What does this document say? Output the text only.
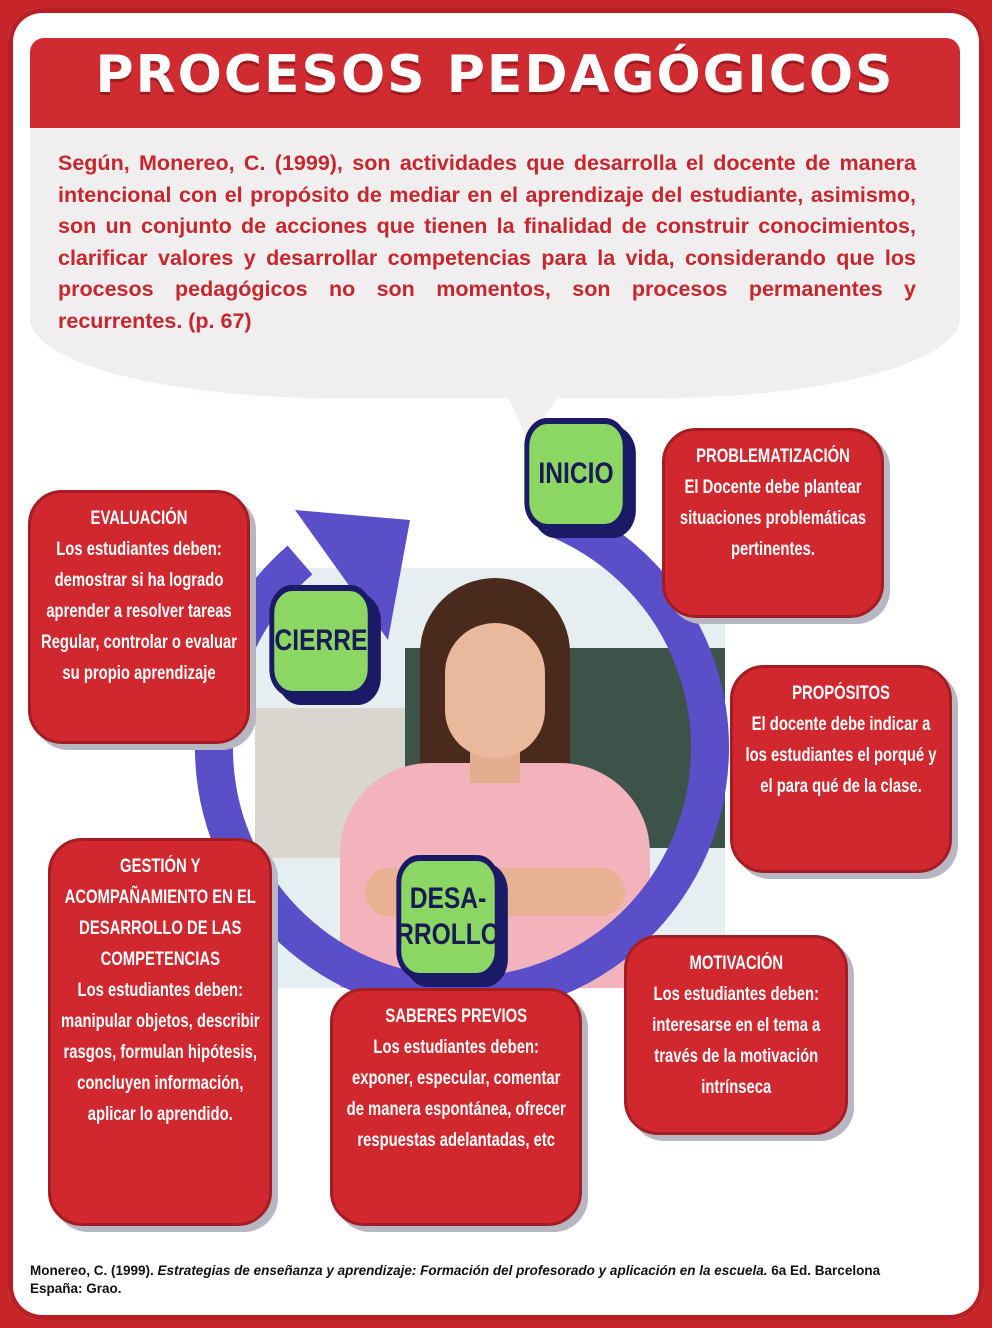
PROCESOS PEDAGÓGICOS
Según, Monereo, C. (1999), son actividades que desarrolla el docente de manera intencional con el propósito de mediar en el aprendizaje del estudiante, asimismo, son un conjunto de acciones que tienen la finalidad de construir conocimientos, clarificar valores y desarrollar competencias para la vida, considerando que los procesos pedagógicos no son momentos, son procesos permanentes y recurrentes. (p. 67)
INICIO
CIERRE
DESA-
RROLLO
PROBLEMATIZACIÓN
El Docente debe plantear situaciones problemáticas pertinentes.
PROPÓSITOS
El docente debe indicar a los estudiantes el porqué y el para qué de la clase.
MOTIVACIÓN
Los estudiantes deben: interesarse en el tema a través de la motivación intrínseca
SABERES PREVIOS
Los estudiantes deben: exponer, especular, comentar de manera espontánea, ofrecer respuestas adelantadas, etc
GESTIÓN Y ACOMPAÑAMIENTO EN EL DESARROLLO DE LAS COMPETENCIAS
Los estudiantes deben: manipular objetos, describir rasgos, formulan hipótesis, concluyen información, aplicar lo aprendido.
EVALUACIÓN
Los estudiantes deben: demostrar si ha logrado aprender a resolver tareas Regular, controlar o evaluar su propio aprendizaje
Monereo, C. (1999). Estrategias de enseñanza y aprendizaje: Formación del profesorado y aplicación en la escuela. 6a Ed. Barcelona España: Grao.
